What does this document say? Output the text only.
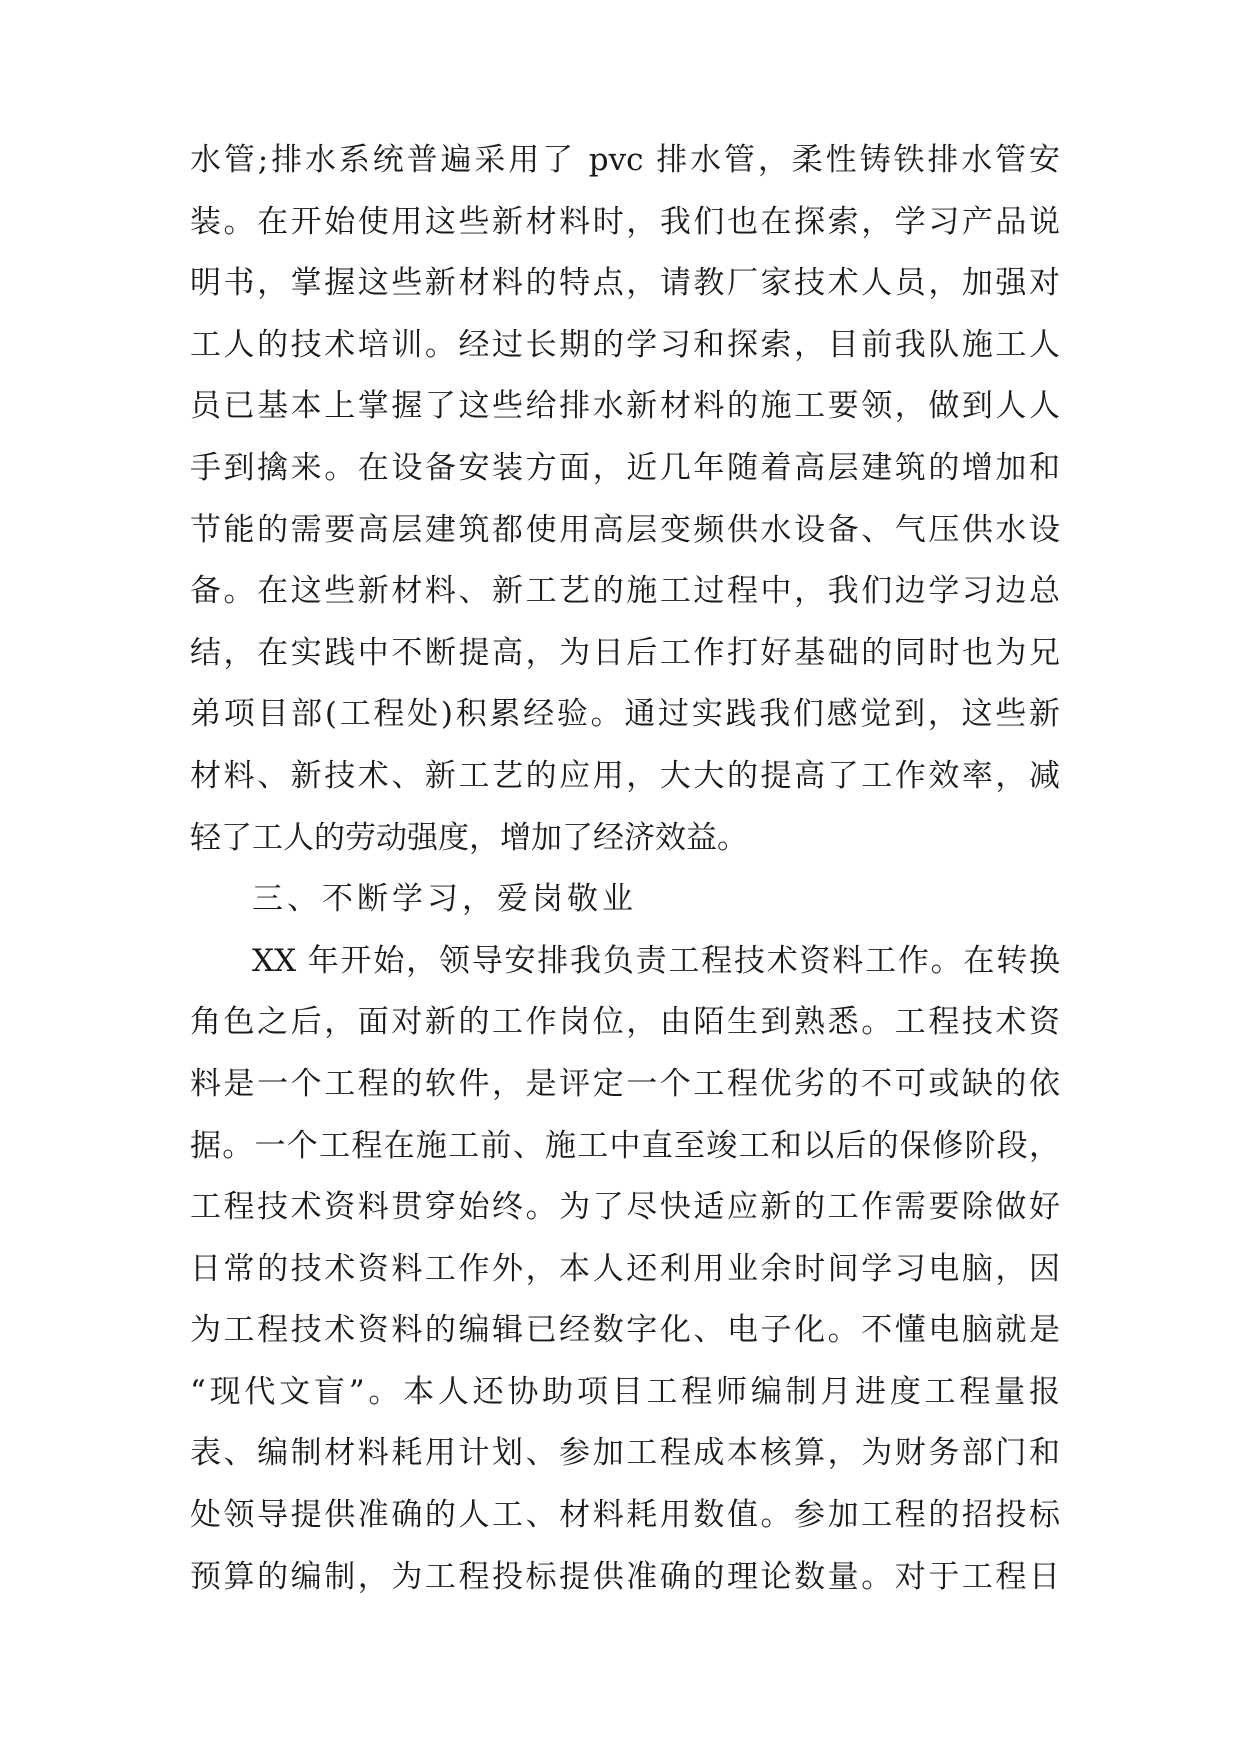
水管;排水系统普遍采用了 pvc 排水管，柔性铸铁排水管安
装。在开始使用这些新材料时，我们也在探索，学习产品说
明书，掌握这些新材料的特点，请教厂家技术人员，加强对
工人的技术培训。经过长期的学习和探索，目前我队施工人
员已基本上掌握了这些给排水新材料的施工要领，做到人人
手到擒来。在设备安装方面，近几年随着高层建筑的增加和
节能的需要高层建筑都使用高层变频供水设备、气压供水设
备。在这些新材料、新工艺的施工过程中，我们边学习边总
结，在实践中不断提高，为日后工作打好基础的同时也为兄
弟项目部(工程处)积累经验。通过实践我们感觉到，这些新
材料、新技术、新工艺的应用，大大的提高了工作效率，减
轻了工人的劳动强度，增加了经济效益。
三、不断学习，爱岗敬业
XX 年开始，领导安排我负责工程技术资料工作。在转换
角色之后，面对新的工作岗位，由陌生到熟悉。工程技术资
料是一个工程的软件，是评定一个工程优劣的不可或缺的依
据。一个工程在施工前、施工中直至竣工和以后的保修阶段，
工程技术资料贯穿始终。为了尽快适应新的工作需要除做好
日常的技术资料工作外，本人还利用业余时间学习电脑，因
为工程技术资料的编辑已经数字化、电子化。不懂电脑就是
“现代文盲”。本人还协助项目工程师编制月进度工程量报
表、编制材料耗用计划、参加工程成本核算，为财务部门和
处领导提供准确的人工、材料耗用数值。参加工程的招投标
预算的编制，为工程投标提供准确的理论数量。对于工程日
